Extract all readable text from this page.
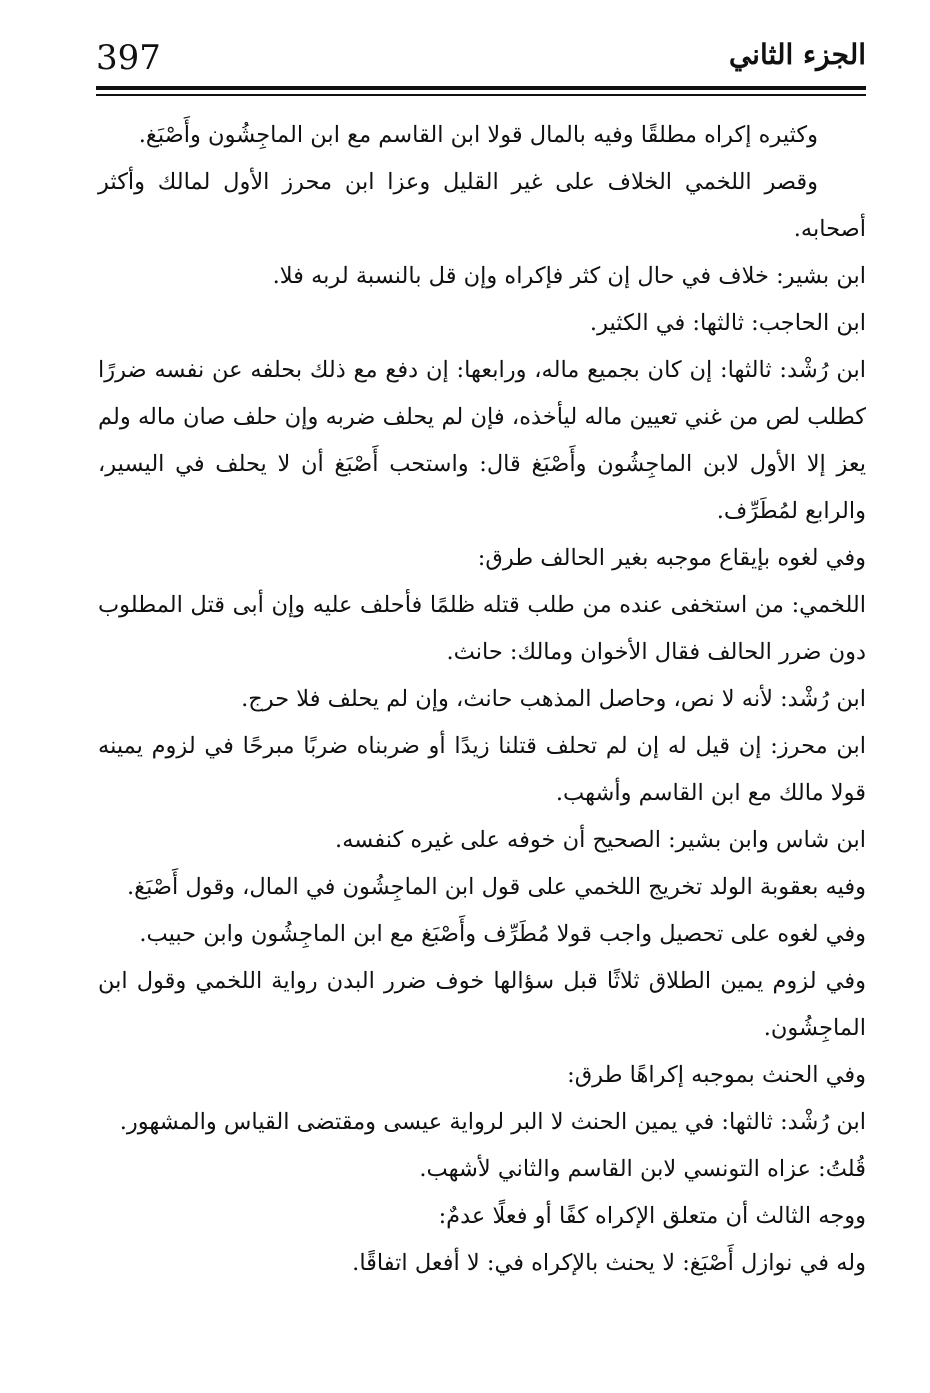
397	الجزء الثاني

وكثيره إكراه مطلقًا وفيه بالمال قولا ابن القاسم مع ابن الماجِشُون وأَصْبَغ.

وقصر اللخمي الخلاف على غير القليل وعزا ابن محرز الأول لمالك وأكثر أصحابه.

ابن بشير: خلاف في حال إن كثر فإكراه وإن قل بالنسبة لربه فلا.

ابن الحاجب: ثالثها: في الكثير.

ابن رُشْد: ثالثها: إن كان بجميع ماله، ورابعها: إن دفع مع ذلك بحلفه عن نفسه ضررًا كطلب لص من غني تعيين ماله ليأخذه، فإن لم يحلف ضربه وإن حلف صان ماله ولم يعز إلا الأول لابن الماجِشُون وأَصْبَغ قال: واستحب أَصْبَغ أن لا يحلف في اليسير، والرابع لمُطَرِّف.

وفي لغوه بإيقاع موجبه بغير الحالف طرق:

اللخمي: من استخفى عنده من طلب قتله ظلمًا فأحلف عليه وإن أبى قتل المطلوب دون ضرر الحالف فقال الأخوان ومالك: حانث.

ابن رُشْد: لأنه لا نص، وحاصل المذهب حانث، وإن لم يحلف فلا حرج.

ابن محرز: إن قيل له إن لم تحلف قتلنا زيدًا أو ضربناه ضربًا مبرحًا في لزوم يمينه قولا مالك مع ابن القاسم وأشهب.

ابن شاس وابن بشير: الصحيح أن خوفه على غيره كنفسه.

وفيه بعقوبة الولد تخريج اللخمي على قول ابن الماجِشُون في المال، وقول أَصْبَغ.

وفي لغوه على تحصيل واجب قولا مُطَرِّف وأَصْبَغ مع ابن الماجِشُون وابن حبيب.

وفي لزوم يمين الطلاق ثلاثًا قبل سؤالها خوف ضرر البدن رواية اللخمي وقول ابن الماجِشُون.

وفي الحنث بموجبه إكراهًا طرق:

ابن رُشْد: ثالثها: في يمين الحنث لا البر لرواية عيسى ومقتضى القياس والمشهور.

قُلتُ: عزاه التونسي لابن القاسم والثاني لأشهب.

ووجه الثالث أن متعلق الإكراه كفًا أو فعلًا عدمٌ:

وله في نوازل أَصْبَغ: لا يحنث بالإكراه في: لا أفعل اتفاقًا.
